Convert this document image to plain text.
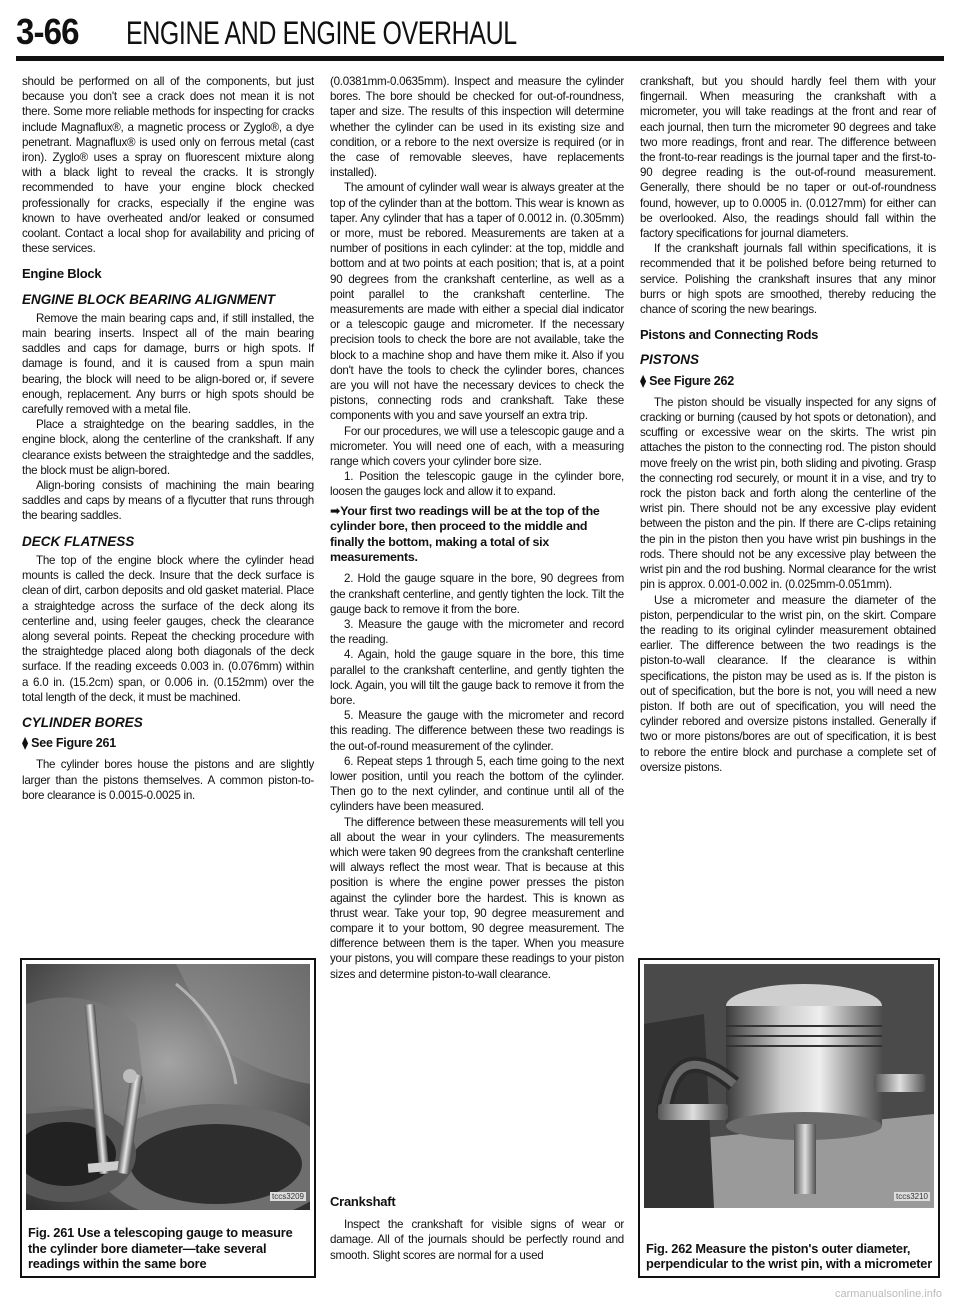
3-66 ENGINE AND ENGINE OVERHAUL

should be performed on all of the components, but just because you don't see a crack does not mean it is not there. Some more reliable methods for inspecting for cracks include Magnaflux®, a magnetic process or Zyglo®, a dye penetrant. Magnaflux® is used only on ferrous metal (cast iron). Zyglo® uses a spray on fluorescent mixture along with a black light to reveal the cracks. It is strongly recommended to have your engine block checked professionally for cracks, especially if the engine was known to have overheated and/or leaked or consumed coolant. Contact a local shop for availability and pricing of these services.

Engine Block
ENGINE BLOCK BEARING ALIGNMENT

Remove the main bearing caps and, if still installed, the main bearing inserts. Inspect all of the main bearing saddles and caps for damage, burrs or high spots. If damage is found, and it is caused from a spun main bearing, the block will need to be align-bored or, if severe enough, replacement. Any burrs or high spots should be carefully removed with a metal file.

Place a straightedge on the bearing saddles, in the engine block, along the centerline of the crankshaft. If any clearance exists between the straightedge and the saddles, the block must be align-bored.

Align-boring consists of machining the main bearing saddles and caps by means of a flycutter that runs through the bearing saddles.

DECK FLATNESS

The top of the engine block where the cylinder head mounts is called the deck. Insure that the deck surface is clean of dirt, carbon deposits and old gasket material. Place a straightedge across the surface of the deck along its centerline and, using feeler gauges, check the clearance along several points. Repeat the checking procedure with the straightedge placed along both diagonals of the deck surface. If the reading exceeds 0.003 in. (0.076mm) within a 6.0 in. (15.2cm) span, or 0.006 in. (0.152mm) over the total length of the deck, it must be machined.

CYLINDER BORES
⧫ See Figure 261

The cylinder bores house the pistons and are slightly larger than the pistons themselves. A common piston-to-bore clearance is 0.0015-0.0025 in.

(0.0381mm-0.0635mm). Inspect and measure the cylinder bores. The bore should be checked for out-of-roundness, taper and size. The results of this inspection will determine whether the cylinder can be used in its existing size and condition, or a rebore to the next oversize is required (or in the case of removable sleeves, have replacements installed).

The amount of cylinder wall wear is always greater at the top of the cylinder than at the bottom. This wear is known as taper. Any cylinder that has a taper of 0.0012 in. (0.305mm) or more, must be rebored. Measurements are taken at a number of positions in each cylinder: at the top, middle and bottom and at two points at each position; that is, at a point 90 degrees from the crankshaft centerline, as well as a point parallel to the crankshaft centerline. The measurements are made with either a special dial indicator or a telescopic gauge and micrometer. If the necessary precision tools to check the bore are not available, take the block to a machine shop and have them mike it. Also if you don't have the tools to check the cylinder bores, chances are you will not have the necessary devices to check the pistons, connecting rods and crankshaft. Take these components with you and save yourself an extra trip.

For our procedures, we will use a telescopic gauge and a micrometer. You will need one of each, with a measuring range which covers your cylinder bore size.

1. Position the telescopic gauge in the cylinder bore, loosen the gauges lock and allow it to expand.

➡Your first two readings will be at the top of the cylinder bore, then proceed to the middle and finally the bottom, making a total of six measurements.

2. Hold the gauge square in the bore, 90 degrees from the crankshaft centerline, and gently tighten the lock. Tilt the gauge back to remove it from the bore.

3. Measure the gauge with the micrometer and record the reading.

4. Again, hold the gauge square in the bore, this time parallel to the crankshaft centerline, and gently tighten the lock. Again, you will tilt the gauge back to remove it from the bore.

5. Measure the gauge with the micrometer and record this reading. The difference between these two readings is the out-of-round measurement of the cylinder.

6. Repeat steps 1 through 5, each time going to the next lower position, until you reach the bottom of the cylinder. Then go to the next cylinder, and continue until all of the cylinders have been measured.

The difference between these measurements will tell you all about the wear in your cylinders. The measurements which were taken 90 degrees from the crankshaft centerline will always reflect the most wear. That is because at this position is where the engine power presses the piston against the cylinder bore the hardest. This is known as thrust wear. Take your top, 90 degree measurement and compare it to your bottom, 90 degree measurement. The difference between them is the taper. When you measure your pistons, you will compare these readings to your piston sizes and determine piston-to-wall clearance.

Crankshaft

Inspect the crankshaft for visible signs of wear or damage. All of the journals should be perfectly round and smooth. Slight scores are normal for a used

crankshaft, but you should hardly feel them with your fingernail. When measuring the crankshaft with a micrometer, you will take readings at the front and rear of each journal, then turn the micrometer 90 degrees and take two more readings, front and rear. The difference between the front-to-rear readings is the journal taper and the first-to-90 degree reading is the out-of-round measurement. Generally, there should be no taper or out-of-roundness found, however, up to 0.0005 in. (0.0127mm) for either can be overlooked. Also, the readings should fall within the factory specifications for journal diameters.

If the crankshaft journals fall within specifications, it is recommended that it be polished before being returned to service. Polishing the crankshaft insures that any minor burrs or high spots are smoothed, thereby reducing the chance of scoring the new bearings.

Pistons and Connecting Rods
PISTONS
⧫ See Figure 262

The piston should be visually inspected for any signs of cracking or burning (caused by hot spots or detonation), and scuffing or excessive wear on the skirts. The wrist pin attaches the piston to the connecting rod. The piston should move freely on the wrist pin, both sliding and pivoting. Grasp the connecting rod securely, or mount it in a vise, and try to rock the piston back and forth along the centerline of the wrist pin. There should not be any excessive play evident between the piston and the pin. If there are C-clips retaining the pin in the piston then you have wrist pin bushings in the rods. There should not be any excessive play between the wrist pin and the rod bushing. Normal clearance for the wrist pin is approx. 0.001-0.002 in. (0.025mm-0.051mm).

Use a micrometer and measure the diameter of the piston, perpendicular to the wrist pin, on the skirt. Compare the reading to its original cylinder measurement obtained earlier. The difference between the two readings is the piston-to-wall clearance. If the clearance is within specifications, the piston may be used as is. If the piston is out of specification, but the bore is not, you will need a new piston. If both are out of specification, you will need the cylinder rebored and oversize pistons installed. Generally if two or more pistons/bores are out of specification, it is best to rebore the entire block and purchase a complete set of oversize pistons.

tccs3209
Fig. 261 Use a telescoping gauge to measure the cylinder bore diameter—take several readings within the same bore
tccs3210
Fig. 262 Measure the piston's outer diameter, perpendicular to the wrist pin, with a micrometer
carmanualsonline.info
